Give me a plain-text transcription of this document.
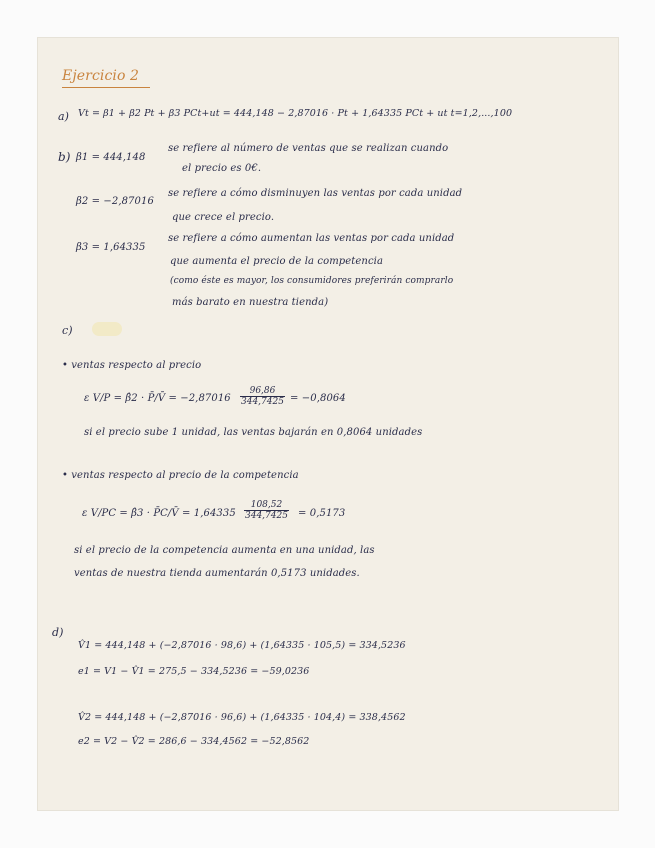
Ejercicio 2
a) Vt = β1 + β2 Pt + β3 PCt+ut = 444,148 − 2,87016 · Pt + 1,64335 PCt + ut t=1,2,...,100
b) β1 = 444,148
se refiere al número de ventas que se realizan cuando
el precio es 0€.
β2 = −2,87016
se refiere a cómo disminuyen las ventas por cada unidad
que crece el precio.
β3 = 1,64335
se refiere a cómo aumentan las ventas por cada unidad
que aumenta el precio de la competencia
(como éste es mayor, los consumidores preferirán comprarlo
más barato en nuestra tienda)
c)
• ventas respecto al precio
ε V/P = β̂2 · P̄/V̄ = $-2,87016 \frac{96,86}{344,7425} = -0,8064$
si el precio sube 1 unidad, las ventas bajarán en 0,8064 unidades
• ventas respecto al precio de la competencia
ε V/PC = β̂3 · P̄C/V̄ = $1,64335 \frac{108,52}{344,7425} = 0,5173$
si el precio de la competencia aumenta en una unidad, las
ventas de nuestra tienda aumentarán 0,5173 unidades.
d)
V̂1 = 444,148 + (−2,87016 · 98,6) + (1,64335 · 105,5) = 334,5236
e1 = V1 − V̂1 = 275,5 − 334,5236 = −59,0236
V̂2 = 444,148 + (−2,87016 · 96,6) + (1,64335 · 104,4) = 338,4562
e2 = V2 − V̂2 = 286,6 − 334,4562 = −52,8562
